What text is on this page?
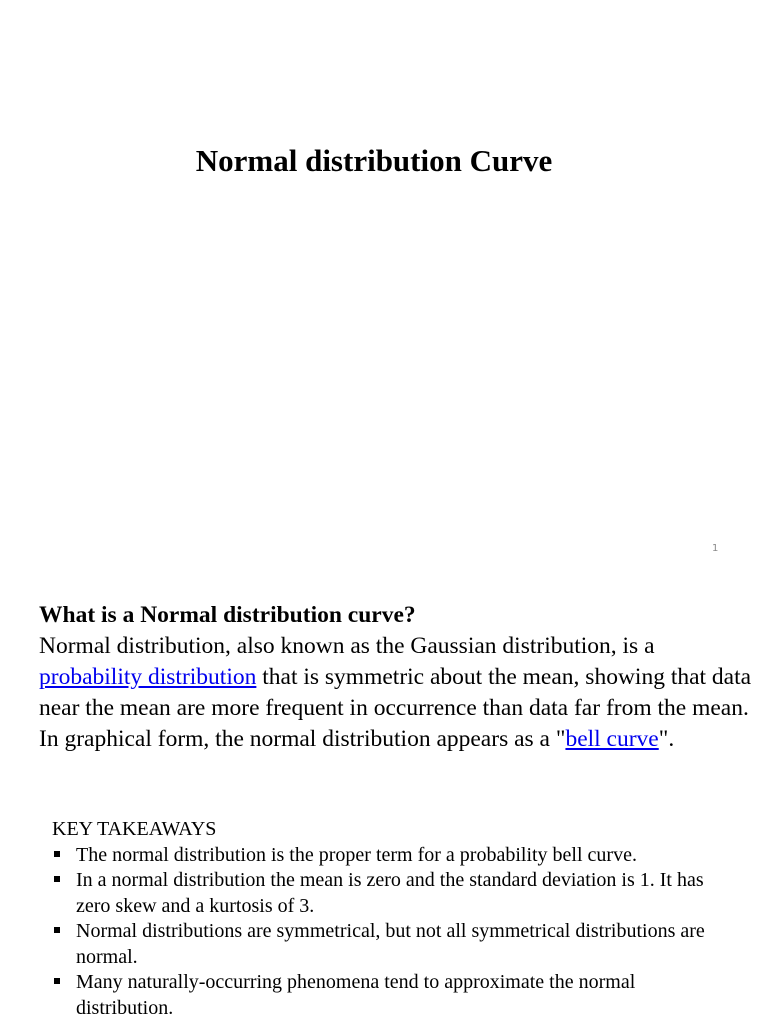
Normal distribution Curve
1

What is a Normal distribution curve?

Normal distribution, also known as the Gaussian distribution, is a probability distribution that is symmetric about the mean, showing that data near the mean are more frequent in occurrence than data far from the mean.

In graphical form, the normal distribution appears as a "bell curve".

KEY TAKEAWAYS

The normal distribution is the proper term for a probability bell curve.
In a normal distribution the mean is zero and the standard deviation is 1. It has zero skew and a kurtosis of 3.
Normal distributions are symmetrical, but not all symmetrical distributions are normal.
Many naturally-occurring phenomena tend to approximate the normal distribution.
